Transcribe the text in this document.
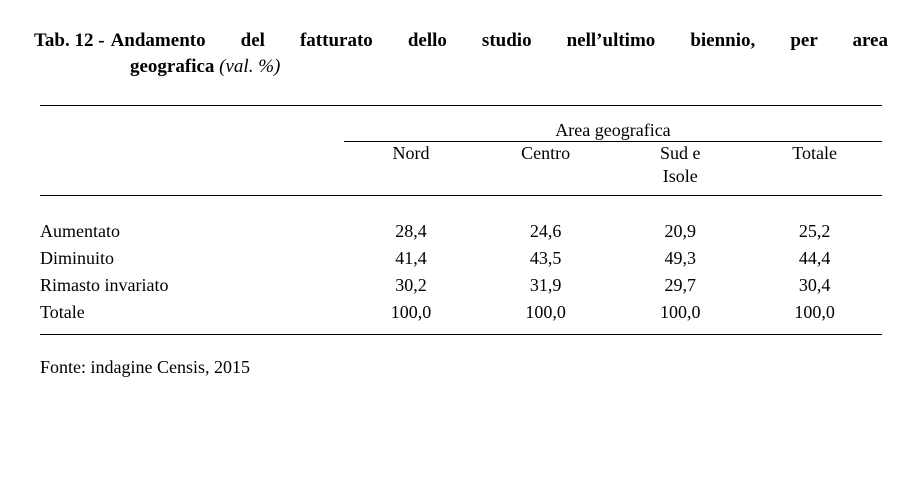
Tab. 12 - Andamento del fatturato dello studio nell’ultimo biennio, per area
geografica (val. %)

	Area geografica			

	Nord	Centro	Sud e
Isole	Totale

Aumentato	28,4	24,6	20,9	25,2
Diminuito	41,4	43,5	49,3	44,4
Rimasto invariato	30,2	31,9	29,7	30,4
Totale	100,0	100,0	100,0	100,0

Fonte: indagine Censis, 2015
